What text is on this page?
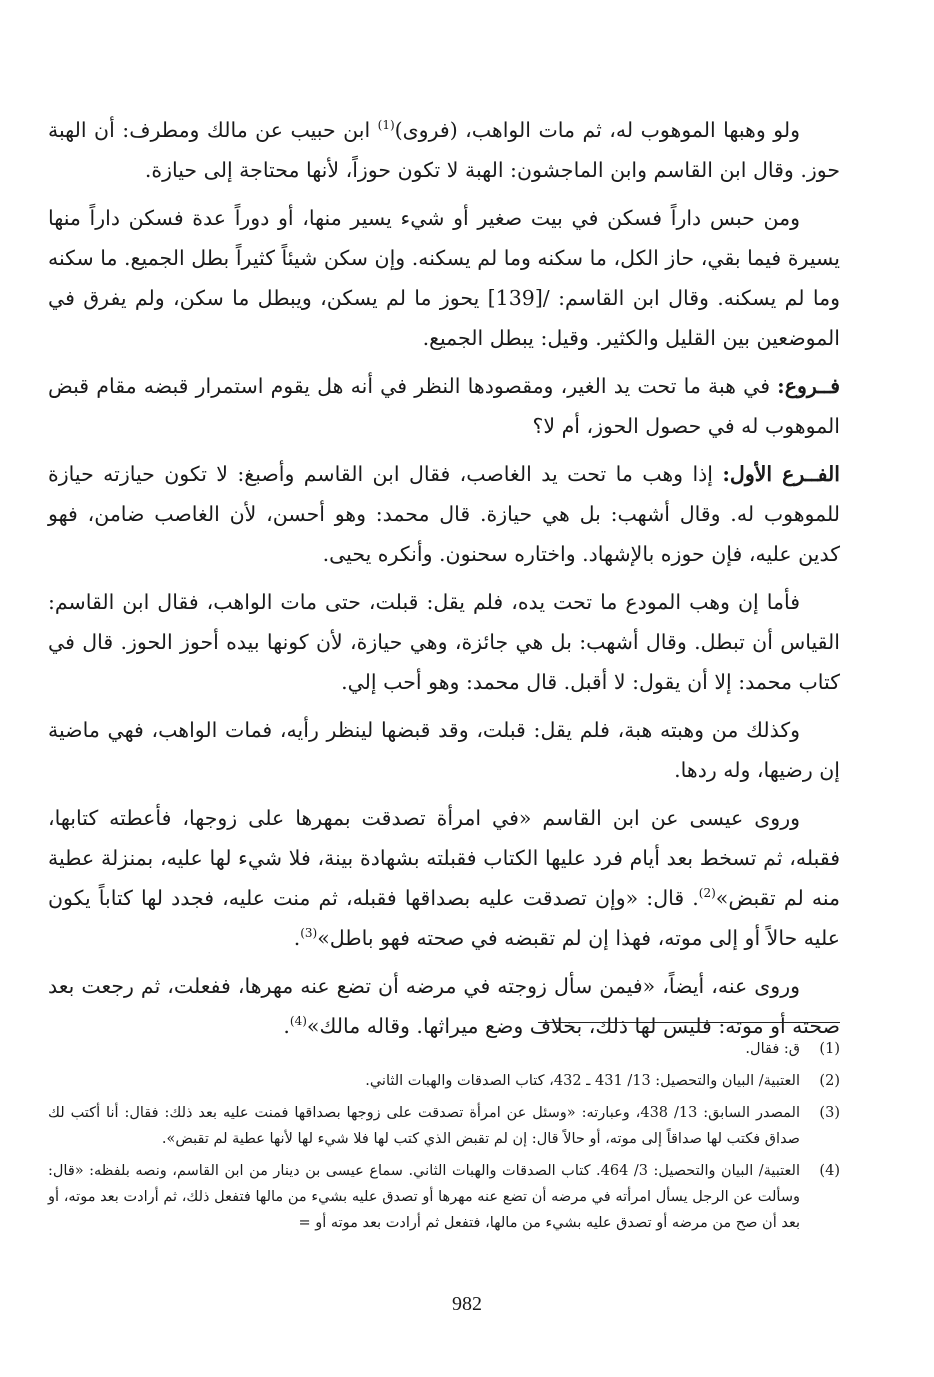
ولو وهبها الموهوب له، ثم مات الواهب، (فروى)$^{(1)}$ ابن حبيب عن مالك ومطرف: أن الهبة حوز. وقال ابن القاسم وابن الماجشون: الهبة لا تكون حوزاً، لأنها محتاجة إلى حيازة.

ومن حبس داراً فسكن في بيت صغير أو شيء يسير منها، أو دوراً عدة فسكن داراً منها يسيرة فيما بقي، حاز الكل، ما سكنه وما لم يسكنه. وإن سكن شيئاً كثيراً بطل الجميع. ما سكنه وما لم يسكنه. وقال ابن القاسم: /[139] يحوز ما لم يسكن، ويبطل ما سكن، ولم يفرق في الموضعين بين القليل والكثير. وقيل: يبطل الجميع.

فــروع: في هبة ما تحت يد الغير، ومقصودها النظر في أنه هل يقوم استمرار قبضه مقام قبض الموهوب له في حصول الحوز، أم لا؟

الفــرع الأول: إذا وهب ما تحت يد الغاصب، فقال ابن القاسم وأصبغ: لا تكون حيازته حيازة للموهوب له. وقال أشهب: بل هي حيازة. قال محمد: وهو أحسن، لأن الغاصب ضامن، فهو كدين عليه، فإن حوزه بالإشهاد. واختاره سحنون. وأنكره يحيى.

فأما إن وهب المودع ما تحت يده، فلم يقل: قبلت، حتى مات الواهب، فقال ابن القاسم: القياس أن تبطل. وقال أشهب: بل هي جائزة، وهي حيازة، لأن كونها بيده أحوز الحوز. قال في كتاب محمد: إلا أن يقول: لا أقبل. قال محمد: وهو أحب إلي.

وكذلك من وهبته هبة، فلم يقل: قبلت، وقد قبضها لينظر رأيه، فمات الواهب، فهي ماضية إن رضيها، وله ردها.

وروى عيسى عن ابن القاسم «في امرأة تصدقت بمهرها على زوجها، فأعطته كتابها، فقبله، ثم تسخط بعد أيام فرد عليها الكتاب فقبلته بشهادة بينة، فلا شيء لها عليه، بمنزلة عطية منه لم تقبض»$^{(2)}$. قال: «وإن تصدقت عليه بصداقها فقبله، ثم منت عليه، فجدد لها كتاباً يكون عليه حالاً أو إلى موته، فهذا إن لم تقبضه في صحته فهو باطل»$^{(3)}$.

وروى عنه، أيضاً، «فيمن سأل زوجته في مرضه أن تضع عنه مهرها، ففعلت، ثم رجعت بعد صحته أو موته: فليس لها ذلك، بخلاف وضع ميراثها. وقاله مالك»$^{(4)}$.

(1)
ق: فقال.
(2)
العتبية/ البيان والتحصيل: 13/ 431 ـ 432، كتاب الصدقات والهبات الثاني.
(3)
المصدر السابق: 13/ 438، وعبارته: «وسئل عن امرأة تصدقت على زوجها بصداقها فمنت عليه بعد ذلك: فقال: أنا أكتب لك صداق فكتب لها صداقاً إلى موته، أو حالاً قال: إن لم تقبض الذي كتب لها فلا شيء لها لأنها عطية لم تقبض».
(4)
العتبية/ البيان والتحصيل: 3/ 464. كتاب الصدقات والهبات الثاني. سماع عيسى بن دينار من ابن القاسم، ونصه بلفظه: «قال: وسألت عن الرجل يسأل امرأته في مرضه أن تضع عنه مهرها أو تصدق عليه بشيء من مالها فتفعل ذلك، ثم أرادت بعد موته، أو بعد أن صح من مرضه أو تصدق عليه بشيء من مالها، فتفعل ثم أرادت بعد موته أو =
982
